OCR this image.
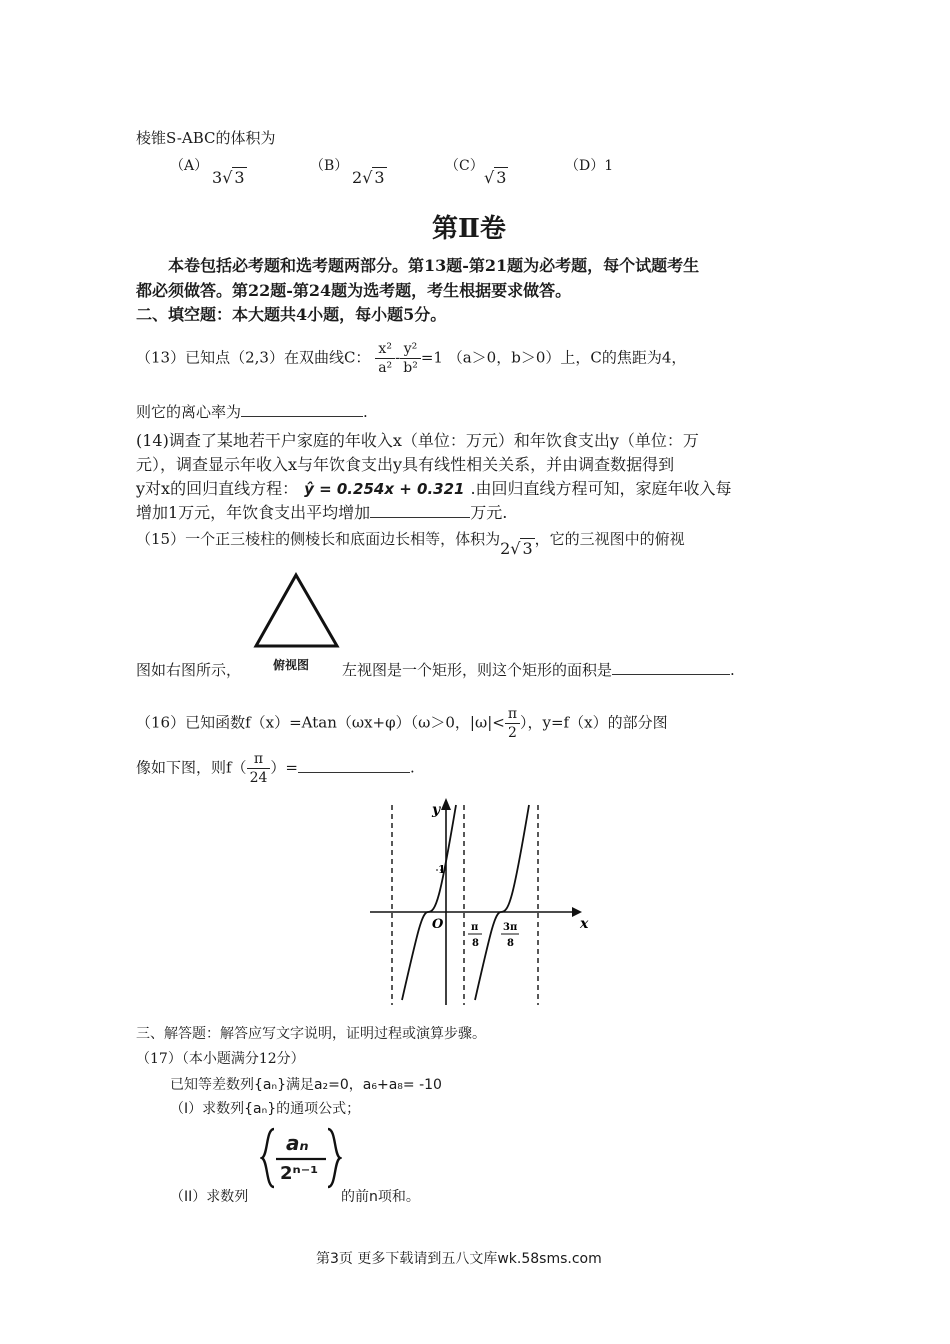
棱锥S-ABC的体积为
（A）
3√ 3
（B）
2√ 3
（C）
√ 3
（D）1
第Ⅱ卷
本卷包括必考题和选考题两部分。第13题-第21题为必考题，每个试题考生
都必须做答。第22题-第24题为选考题，考生根据要求做答。
二、填空题：本大题共4小题，每小题5分。
（13）已知点（2,3）在双曲线C： $\frac{\text{x²}}{\text{a²}} - \frac{\text{y²}}{\text{b²}} =1$ （a＞0，b＞0）上，C的焦距为4，
则它的离心率为	.
(14)调查了某地若干户家庭的年收入x（单位：万元）和年饮食支出y（单位：万
元），调查显示年收入x与年饮食支出y具有线性相关关系，并由调查数据得到
y对x的回归直线方程： ŷ = 0.254x + 0.321 .由回归直线方程可知，家庭年收入每
增加1万元，年饮食支出平均增加	万元.
（15）一个正三棱柱的侧棱长和底面边长相等，体积为2√ 3 ，它的三视图中的俯视
俯视图
图如右图所示，	左视图是一个矩形，则这个矩形的面积是	.
（16）已知函数f（x）=Atan（ωx+φ）（ω＞0，$|\omega|< \frac{\pi}{2}$ ），y=f（x）的部分图
像如下图，则$f( \frac{\pi}{24}$ ）=	.
y
x
O
1
π
8
3π
8
三、解答题：解答应写文字说明，证明过程或演算步骤。
（17）（本小题满分12分）
已知等差数列{aₙ}满足a₂=0，a₆+a₈= -10
（I）求数列{aₙ}的通项公式；
aₙ
2ⁿ⁻¹
（II）求数列	的前n项和。
第3页 更多下载请到五八文库wk.58sms.com
